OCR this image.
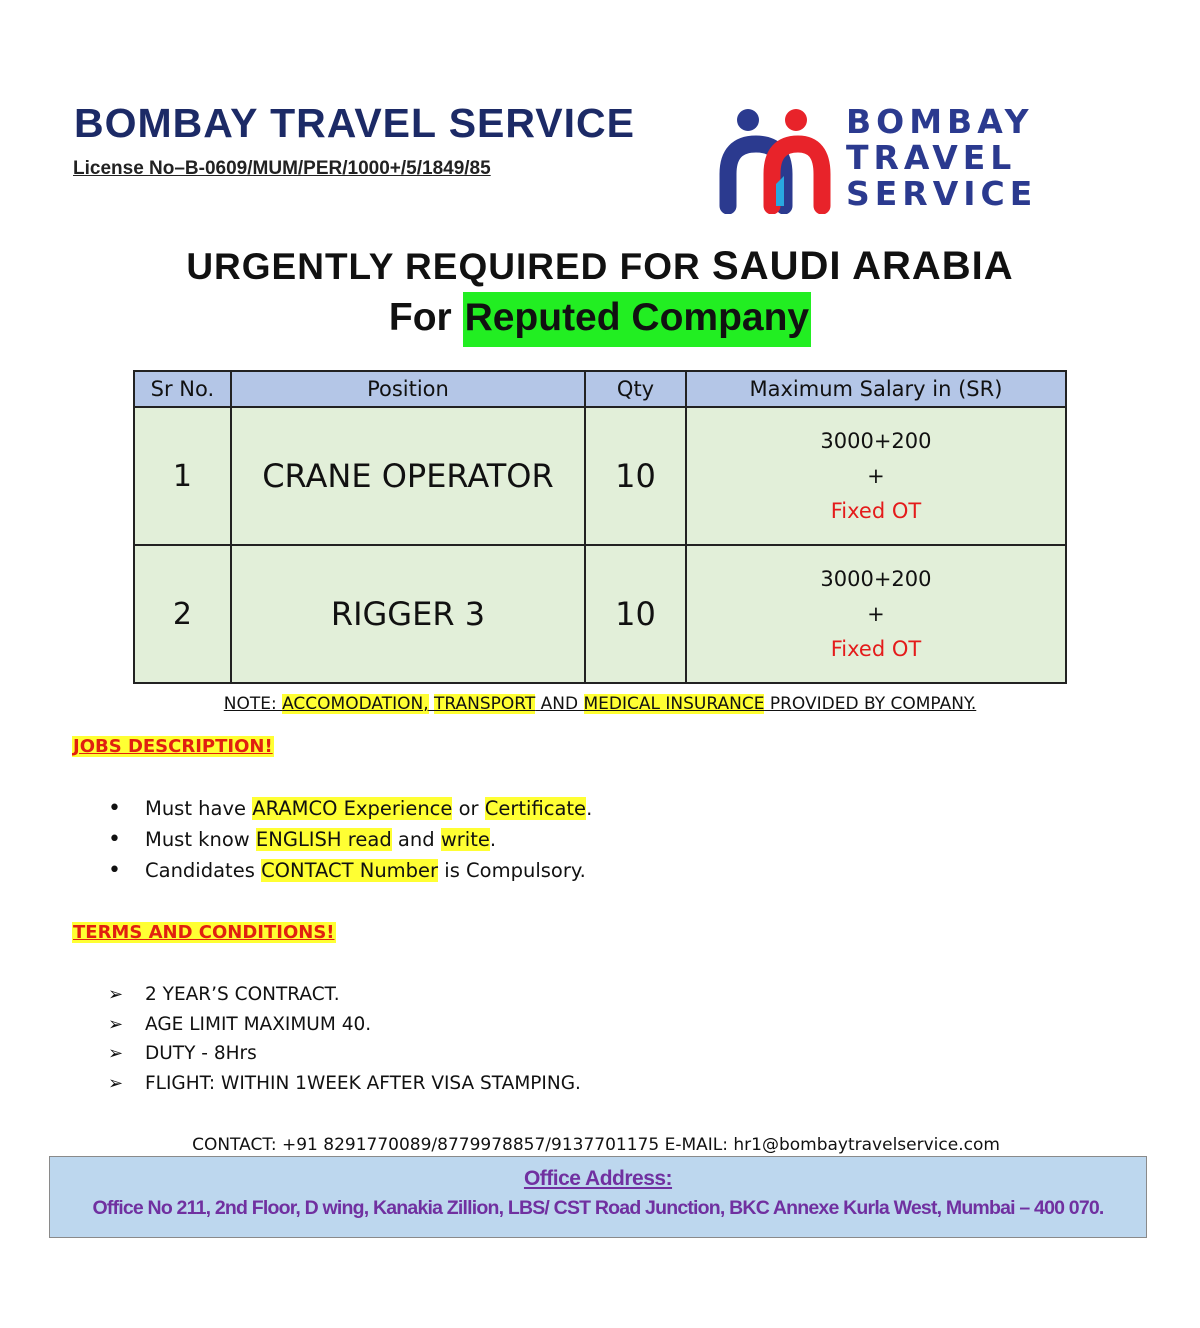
BOMBAY TRAVEL SERVICE
License No–B-0609/MUM/PER/1000+/5/1849/85
BOMBAY
TRAVEL
SERVICE
URGENTLY REQUIRED FOR SAUDI ARABIA
For Reputed Company
Sr No.	Position	Qty	Maximum Salary in (SR)
1	CRANE OPERATOR	10	3000+200
+
Fixed OT

2	RIGGER 3	10	3000+200
+
Fixed OT
NOTE: ACCOMODATION, TRANSPORT AND MEDICAL INSURANCE PROVIDED BY COMPANY.
JOBS DESCRIPTION!
• Must have ARAMCO Experience or Certificate.
• Must know ENGLISH read and write.
• Candidates CONTACT Number is Compulsory.
TERMS AND CONDITIONS!
➢ 2 YEAR’S CONTRACT.
➢ AGE LIMIT MAXIMUM 40.
➢ DUTY - 8Hrs
➢ FLIGHT: WITHIN 1WEEK AFTER VISA STAMPING.
CONTACT: +91 8291770089/8779978857/9137701175 E-MAIL: hr1@bombaytravelservice.com
Office Address:
Office No 211, 2nd Floor, D wing, Kanakia Zillion, LBS/ CST Road Junction, BKC Annexe Kurla West, Mumbai – 400 070.
